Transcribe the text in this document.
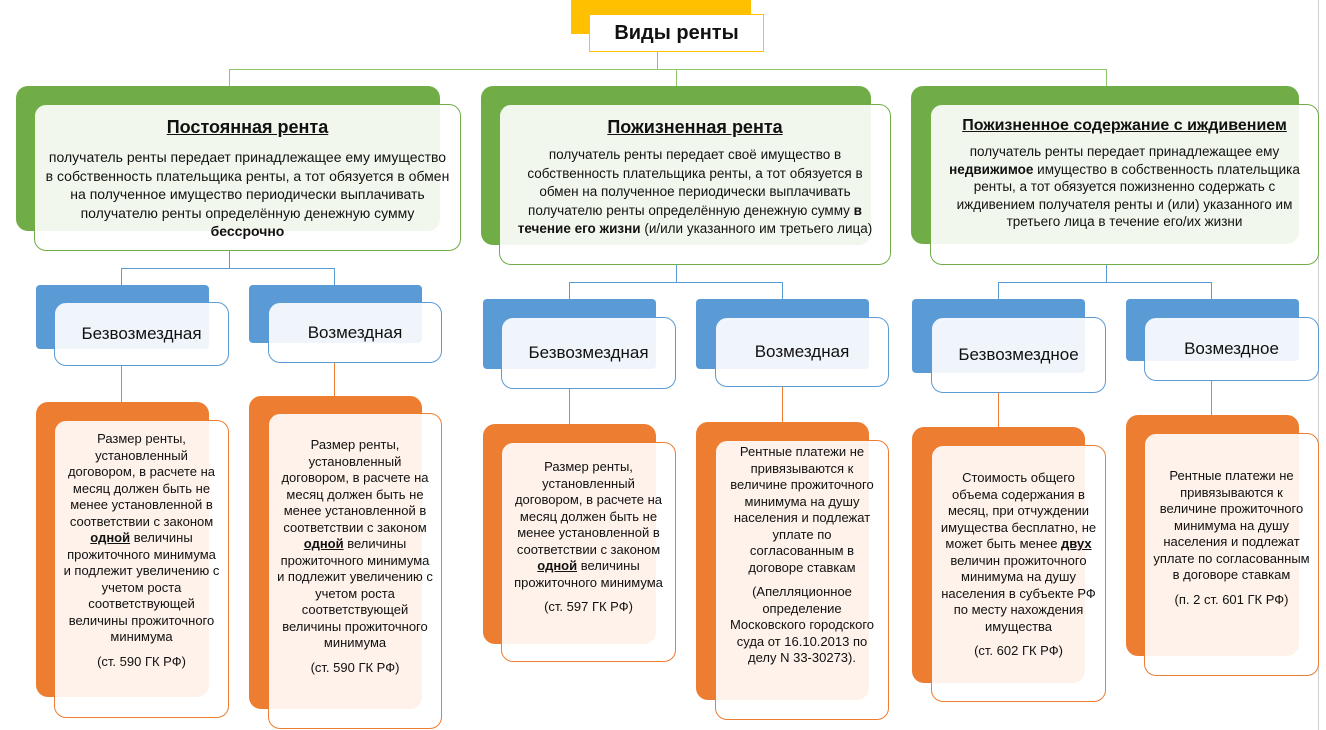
Виды ренты
Постоянная рента
получатель ренты передает принадлежащее ему имущество в собственность плательщика ренты, а тот обязуется в обмен на полученное имущество периодически выплачивать получателю ренты определённую денежную сумму бессрочно
Безвозмездная	Возмездная
Размер ренты, установленный договором, в расчете на месяц должен быть не менее установленной в соответствии с законом одной величины прожиточного минимума и подлежит увеличению с учетом роста соответствующей величины прожиточного минимума
(ст. 590 ГК РФ)
Размер ренты, установленный договором, в расчете на месяц должен быть не менее установленной в соответствии с законом одной величины прожиточного минимума и подлежит увеличению с учетом роста соответствующей величины прожиточного минимума
(ст. 590 ГК РФ)
Пожизненная рента
получатель ренты передает своё имущество в собственность плательщика ренты, а тот обязуется в обмен на полученное периодически выплачивать получателю ренты определённую денежную сумму в течение его жизни (и/или указанного им третьего лица)
Безвозмездная	Возмездная
Размер ренты, установленный договором, в расчете на месяц должен быть не менее установленной в соответствии с законом одной величины прожиточного минимума
(ст. 597 ГК РФ)
Рентные платежи не привязываются к величине прожиточного минимума на душу населения и подлежат уплате по согласованным в договоре ставкам
(Апелляционное определение Московского городского суда от 16.10.2013 по делу N 33-30273).
Пожизненное содержание с иждивением
получатель ренты передает принадлежащее ему недвижимое имущество в собственность плательщика ренты, а тот обязуется пожизненно содержать с иждивением получателя ренты и (или) указанного им третьего лица в течение его/их жизни
Безвозмездное	Возмездное
Стоимость общего объема содержания в месяц, при отчуждении имущества бесплатно, не может быть менее двух величин прожиточного минимума на душу населения в субъекте РФ по месту нахождения имущества
(ст. 602 ГК РФ)
Рентные платежи не привязываются к величине прожиточного минимума на душу населения и подлежат уплате по согласованным в договоре ставкам
(п. 2 ст. 601 ГК РФ)
